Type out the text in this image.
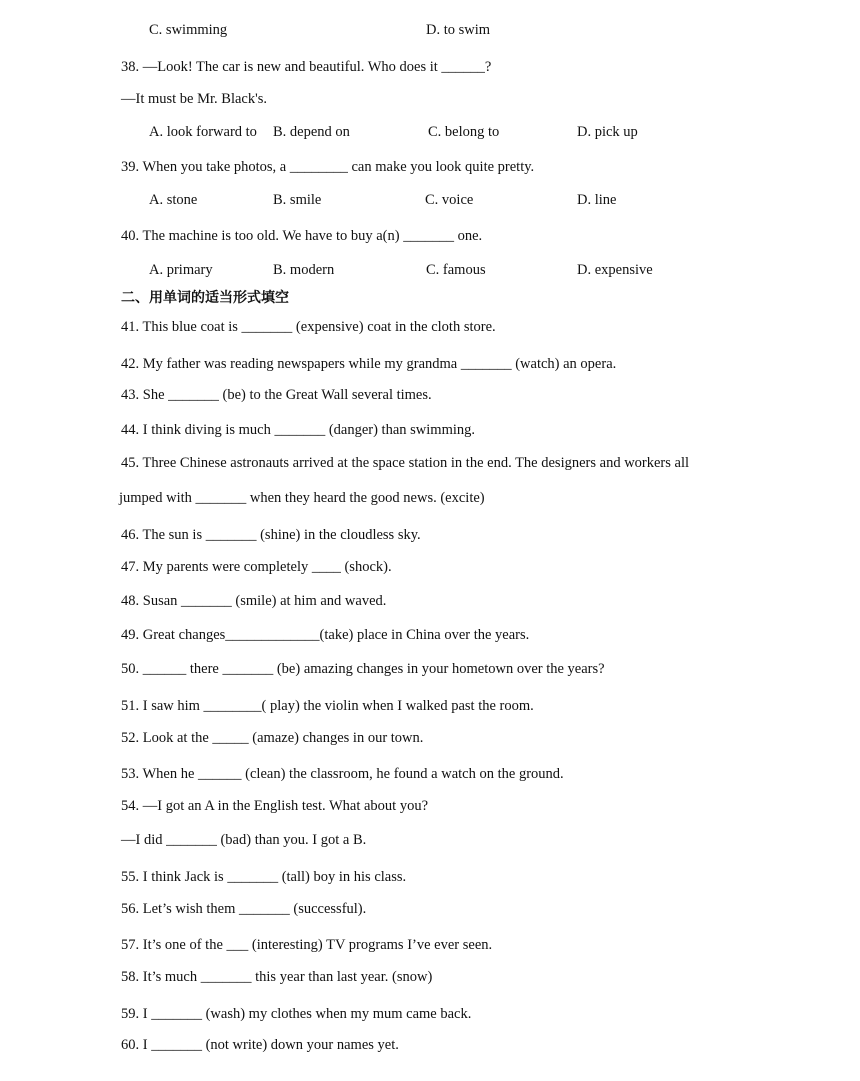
C. swimming	D. to swim
38. —Look! The car is new and beautiful. Who does it ______?
—It must be Mr. Black's.
A. look forward to B. depend on	C. belong to	D. pick up
39. When you take photos, a ________ can make you look quite pretty.
A. stone	B. smile	C. voice	D. line
40. The machine is too old. We have to buy a(n) _______ one.
A. primary	B. modern	C. famous	D. expensive
二、用单词的适当形式填空
41. This blue coat is _______ (expensive) coat in the cloth store.
42. My father was reading newspapers while my grandma _______ (watch) an opera.
43. She _______ (be) to the Great Wall several times.
44. I think diving is much _______ (danger) than swimming.
45. Three Chinese astronauts arrived at the space station in the end. The designers and workers all
jumped with _______ when they heard the good news. (excite)
46. The sun is _______ (shine) in the cloudless sky.
47. My parents were completely ____ (shock).
48. Susan _______ (smile) at him and waved.
49. Great changes_____________(take) place in China over the years.
50. ______ there _______ (be) amazing changes in your hometown over the years?
51. I saw him ________( play) the violin when I walked past the room.
52. Look at the _____ (amaze) changes in our town.
53. When he ______ (clean) the classroom, he found a watch on the ground.
54. —I got an A in the English test. What about you?
—I did _______ (bad) than you. I got a B.
55. I think Jack is _______ (tall) boy in his class.
56. Let’s wish them _______ (successful).
57. It’s one of the ___ (interesting) TV programs I’ve ever seen.
58. It’s much _______ this year than last year. (snow)
59. I _______ (wash) my clothes when my mum came back.
60. I _______ (not write) down your names yet.
